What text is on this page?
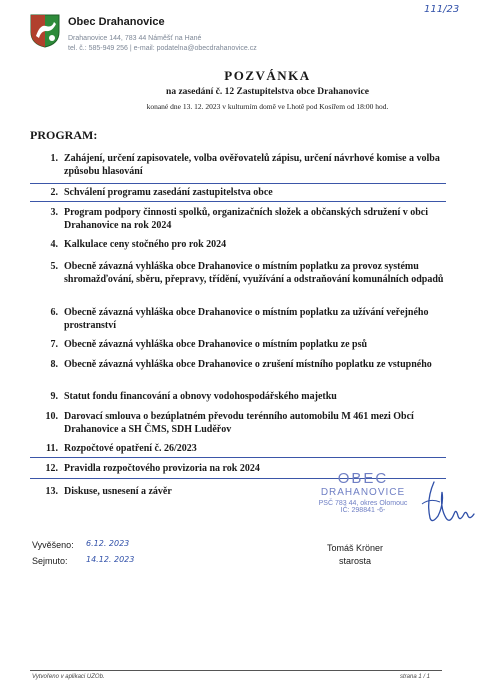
Obec Drahanovice
Drahanovice 144, 783 44 Náměšť na Hané
tel. č.: 585-949 256 | e-mail: podatelna@obecdrahanovice.cz
111/23
POZVÁNKA
na zasedání č. 12 Zastupitelstva obce Drahanovice
konané dne 13. 12. 2023 v kulturním domě ve Lhotě pod Kosířem od 18:00 hod.
PROGRAM:
1. Zahájení, určení zapisovatele, volba ověřovatelů zápisu, určení návrhové komise a volba způsobu hlasování
2. Schválení programu zasedání zastupitelstva obce
3. Program podpory činnosti spolků, organizačních složek a občanských sdružení v obci Drahanovice na rok 2024
4. Kalkulace ceny stočného pro rok 2024
5. Obecně závazná vyhláška obce Drahanovice o místním poplatku za provoz systému shromažďování, sběru, přepravy, třídění, využívání a odstraňování komunálních odpadů
6. Obecně závazná vyhláška obce Drahanovice o místním poplatku za užívání veřejného prostranství
7. Obecně závazná vyhláška obce Drahanovice o místním poplatku ze psů
8. Obecně závazná vyhláška obce Drahanovice o zrušení místního poplatku ze vstupného
9. Statut fondu financování a obnovy vodohospodářského majetku
10. Darovací smlouva o bezúplatném převodu terénního automobilu M 461 mezi Obcí Drahanovice a SH ČMS, SDH Luděřov
11. Rozpočtové opatření č. 26/2023
12. Pravidla rozpočtového provizoria na rok 2024
13. Diskuse, usnesení a závěr
OBEC
DRAHANOVICE
PSČ 783 44, okres Olomouc
IČ: 298841 -6-
Vyvěšeno: 6.12. 2023
Sejmuto: 14.12. 2023
Tomáš Kröner
starosta
Vytvořeno v aplikaci UZOb.	strana 1 / 1
